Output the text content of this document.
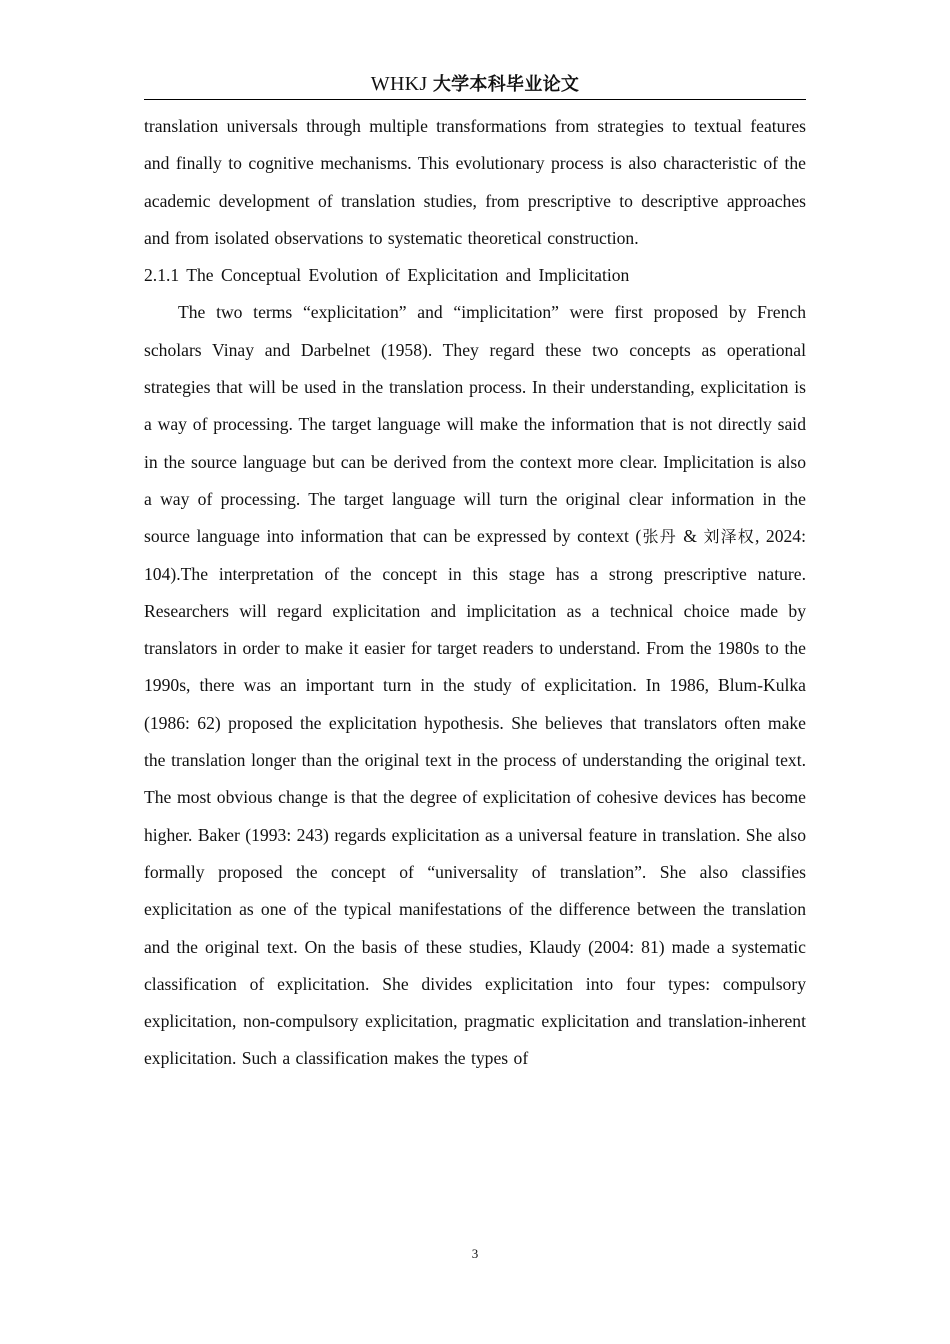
WHKJ 大学本科毕业论文

translation universals through multiple transformations from strategies to textual features and finally to cognitive mechanisms. This evolutionary process is also characteristic of the academic development of translation studies, from prescriptive to descriptive approaches and from isolated observations to systematic theoretical construction.

2.1.1 The Conceptual Evolution of Explicitation and Implicitation

The two terms “explicitation” and “implicitation” were first proposed by French scholars Vinay and Darbelnet (1958). They regard these two concepts as operational strategies that will be used in the translation process. In their understanding, explicitation is a way of processing. The target language will make the information that is not directly said in the source language but can be derived from the context more clear. Implicitation is also a way of processing. The target language will turn the original clear information in the source language into information that can be expressed by context (张丹 & 刘泽权, 2024: 104).The interpretation of the concept in this stage has a strong prescriptive nature. Researchers will regard explicitation and implicitation as a technical choice made by translators in order to make it easier for target readers to understand. From the 1980s to the 1990s, there was an important turn in the study of explicitation. In 1986, Blum-Kulka (1986: 62) proposed the explicitation hypothesis. She believes that translators often make the translation longer than the original text in the process of understanding the original text. The most obvious change is that the degree of explicitation of cohesive devices has become higher. Baker (1993: 243) regards explicitation as a universal feature in translation. She also formally proposed the concept of “universality of translation”. She also classifies explicitation as one of the typical manifestations of the difference between the translation and the original text. On the basis of these studies, Klaudy (2004: 81) made a systematic classification of explicitation. She divides explicitation into four types: compulsory explicitation, non-compulsory explicitation, pragmatic explicitation and translation-inherent explicitation. Such a classification makes the types of

3
